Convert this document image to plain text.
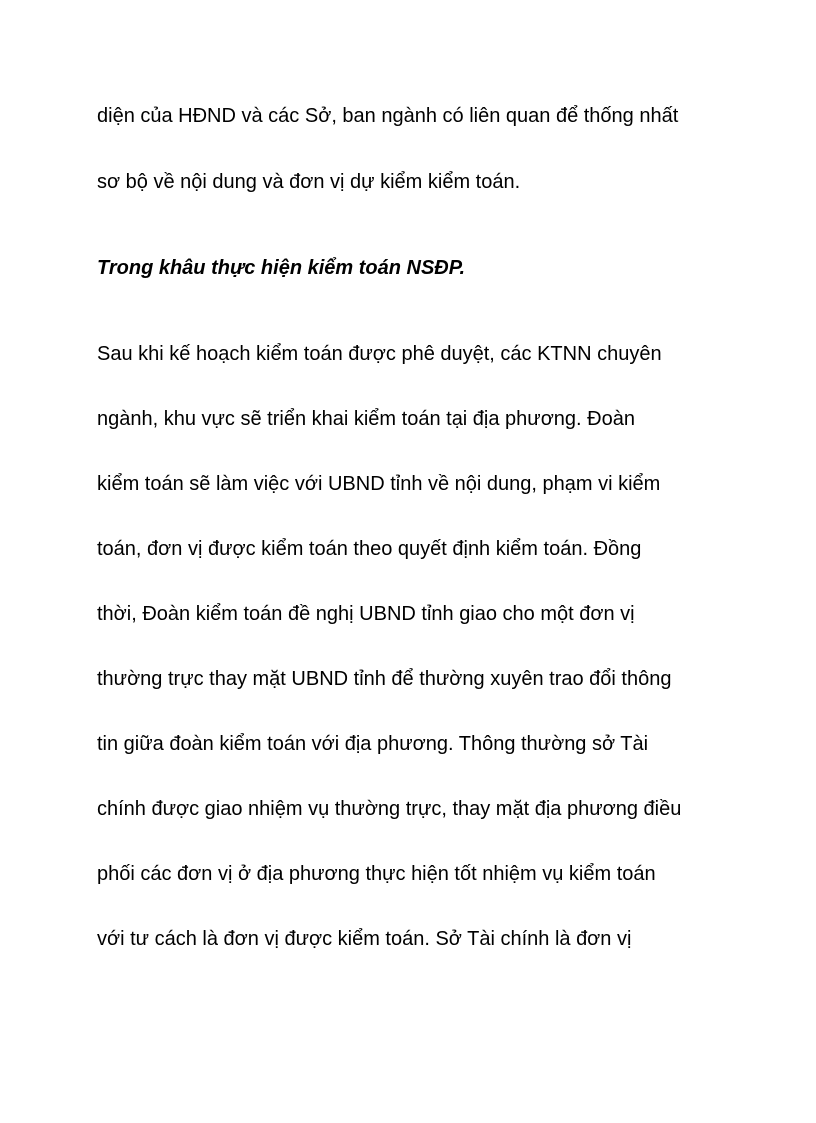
diện của HĐND và các Sở, ban ngành có liên quan để thống nhất

sơ bộ về nội dung và đơn vị dự kiểm kiểm toán.

Trong khâu thực hiện kiểm toán NSĐP.

Sau khi kế hoạch kiểm toán được phê duyệt, các KTNN chuyên

ngành, khu vực sẽ triển khai kiểm toán tại địa phương. Đoàn

kiểm toán sẽ làm việc với UBND tỉnh về nội dung, phạm vi kiểm

toán, đơn vị được kiểm toán theo quyết định kiểm toán. Đồng

thời, Đoàn kiểm toán đề nghị UBND tỉnh giao cho một đơn vị

thường trực thay mặt UBND tỉnh để thường xuyên trao đổi thông

tin giữa đoàn kiểm toán với địa phương. Thông thường sở Tài

chính được giao nhiệm vụ thường trực, thay mặt địa phương điều

phối các đơn vị ở địa phương thực hiện tốt nhiệm vụ kiểm toán

với tư cách là đơn vị được kiểm toán. Sở Tài chính là đơn vị
